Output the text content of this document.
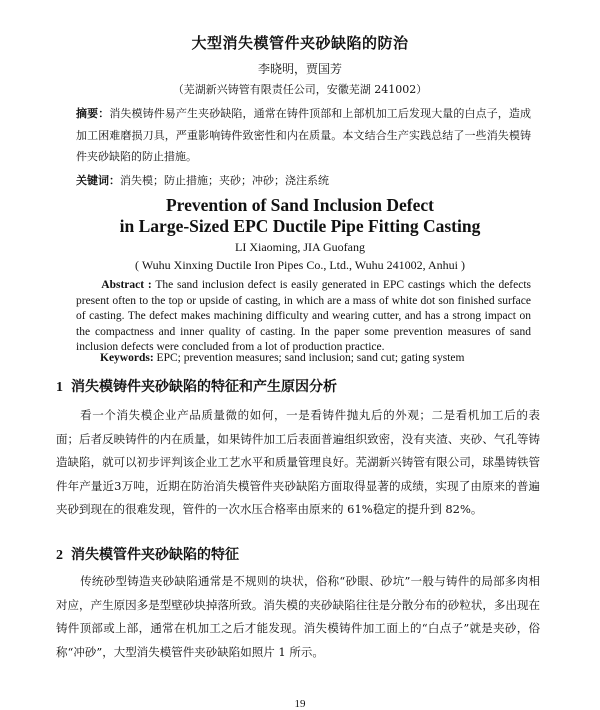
大型消失模管件夹砂缺陷的防治
李晓明，贾国芳
（芜湖新兴铸管有限责任公司，安徽芜湖 241002）
摘要：消失模铸件易产生夹砂缺陷，通常在铸件顶部和上部机加工后发现大量的白点子，造成加工困难磨损刀具，严重影响铸件致密性和内在质量。本文结合生产实践总结了一些消失模铸件夹砂缺陷的防止措施。
关键词：消失模；防止措施；夹砂；冲砂；浇注系统
Prevention of Sand Inclusion Defect
in Large-Sized EPC Ductile Pipe Fitting Casting
LI Xiaoming, JIA Guofang
( Wuhu Xinxing Ductile Iron Pipes Co., Ltd., Wuhu 241002, Anhui )
Abstract : The sand inclusion defect is easily generated in EPC castings which the defects present often to the top or upside of casting, in which are a mass of white dot son finished surface of casting. The defect makes machining difficulty and wearing cutter, and has a strong impact on the compactness and inner quality of casting. In the paper some prevention measures of sand inclusion defects were concluded from a lot of production practice.
Keywords: EPC; prevention measures; sand inclusion; sand cut; gating system
1 消失模铸件夹砂缺陷的特征和产生原因分析
看一个消失模企业产品质量微的如何，一是看铸件抛丸后的外观；二是看机加工后的表面；后者反映铸件的内在质量，如果铸件加工后表面普遍组织致密，没有夹渣、夹砂、气孔等铸造缺陷，就可以初步评判该企业工艺水平和质量管理良好。芜湖新兴铸管有限公司，球墨铸铁管件年产量近3万吨，近期在防治消失模管件夹砂缺陷方面取得显著的成绩，实现了由原来的普遍夹砂到现在的很难发现，管件的一次水压合格率由原来的 61%稳定的提升到 82%。
2 消失模管件夹砂缺陷的特征
传统砂型铸造夹砂缺陷通常是不规则的块状，俗称“砂眼、砂坑”一般与铸件的局部多肉相对应，产生原因多是型壁砂块掉落所致。消失模的夹砂缺陷往往是分散分布的砂粒状，多出现在铸件顶部或上部，通常在机加工之后才能发现。消失模铸件加工面上的“白点子”就是夹砂，俗称“冲砂”，大型消失模管件夹砂缺陷如照片 1 所示。
19
